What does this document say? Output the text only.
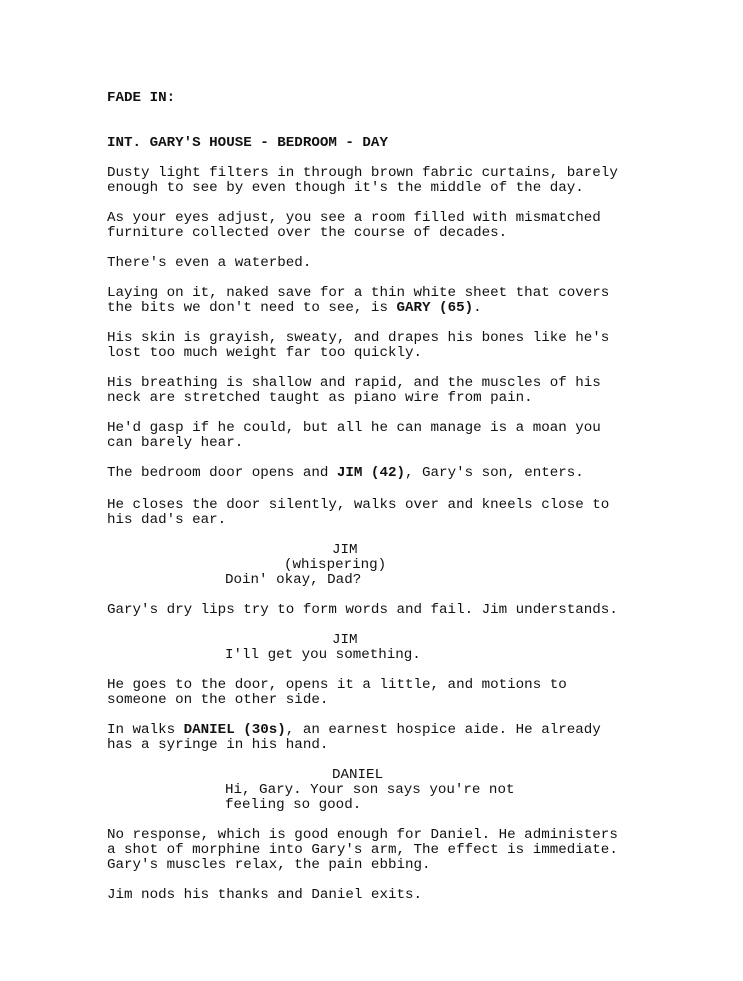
FADE IN:
INT. GARY'S HOUSE - BEDROOM - DAY
Dusty light filters in through brown fabric curtains, barely
enough to see by even though it's the middle of the day.
As your eyes adjust, you see a room filled with mismatched
furniture collected over the course of decades.
There's even a waterbed.
Laying on it, naked save for a thin white sheet that covers
the bits we don't need to see, is GARY (65).
His skin is grayish, sweaty, and drapes his bones like he's
lost too much weight far too quickly.
His breathing is shallow and rapid, and the muscles of his
neck are stretched taught as piano wire from pain.
He'd gasp if he could, but all he can manage is a moan you
can barely hear.
The bedroom door opens and JIM (42), Gary's son, enters.
He closes the door silently, walks over and kneels close to
his dad's ear.
JIM
(whispering)
Doin' okay, Dad?
Gary's dry lips try to form words and fail. Jim understands.
JIM
I'll get you something.
He goes to the door, opens it a little, and motions to
someone on the other side.
In walks DANIEL (30s), an earnest hospice aide. He already
has a syringe in his hand.
DANIEL
Hi, Gary. Your son says you're not
feeling so good.
No response, which is good enough for Daniel. He administers
a shot of morphine into Gary's arm, The effect is immediate.
Gary's muscles relax, the pain ebbing.
Jim nods his thanks and Daniel exits.
